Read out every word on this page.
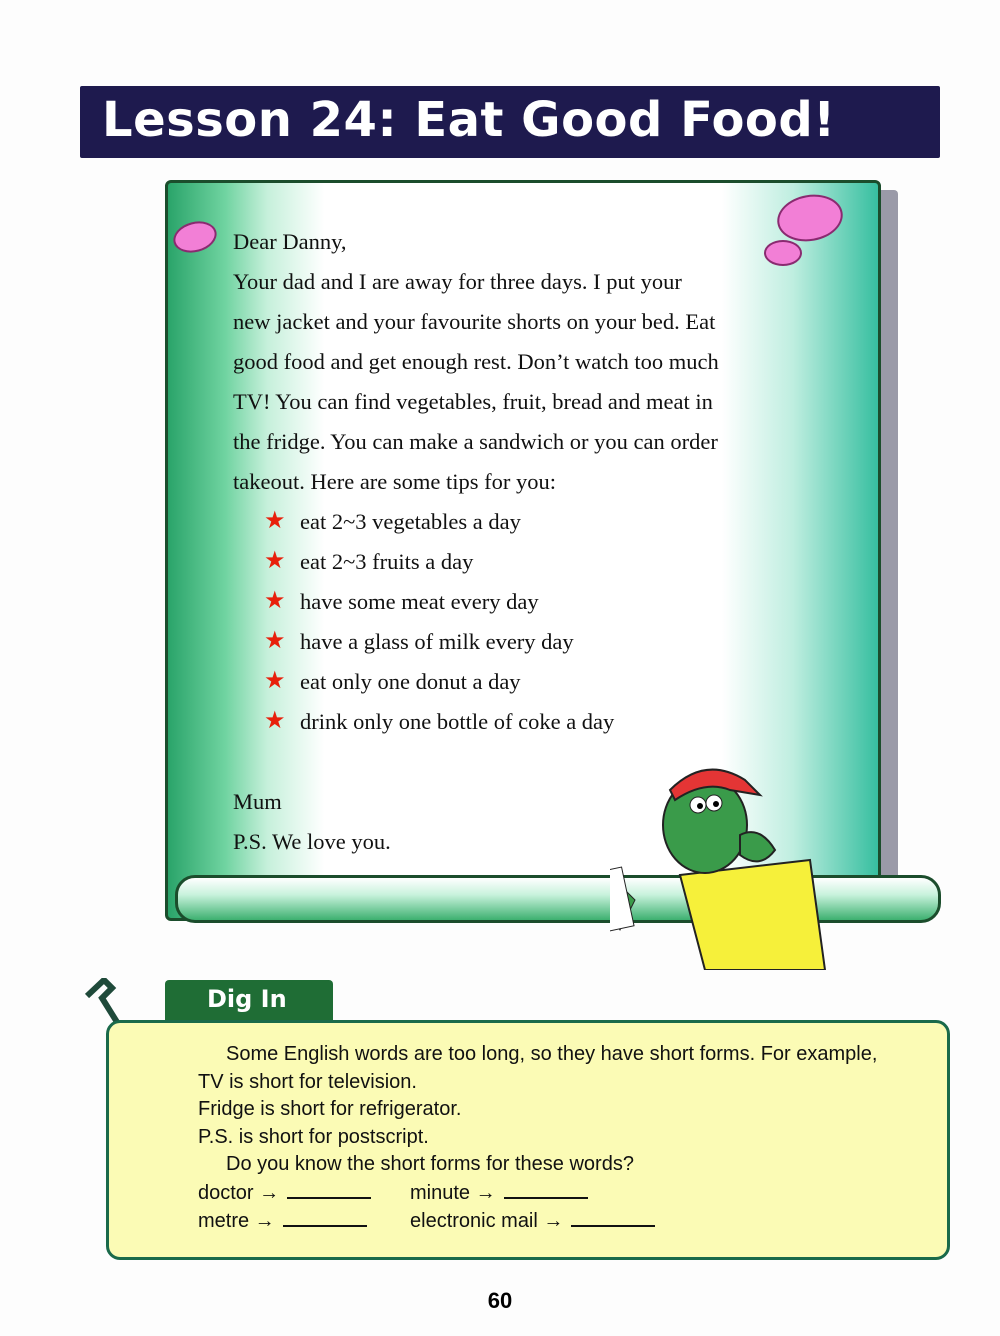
Lesson 24: Eat Good Food!

Dear Danny,

Your dad and I are away for three days. I put your

new jacket and your favourite shorts on your bed. Eat

good food and get enough rest. Don’t watch too much

TV! You can find vegetables, fruit, bread and meat in

the fridge. You can make a sandwich or you can order

takeout. Here are some tips for you:

★ eat 2~3 vegetables a day
★ eat 2~3 fruits a day
★ have some meat every day
★ have a glass of milk every day
★ eat only one donut a day
★ drink only one bottle of coke a day

Mum

P.S. We love you.

Dig In

Some English words are too long, so they have short forms. For example,

TV is short for television.

Fridge is short for refrigerator.

P.S. is short for postscript.

Do you know the short forms for these words?

doctor →	minute →
metre →	electronic mail →
60
